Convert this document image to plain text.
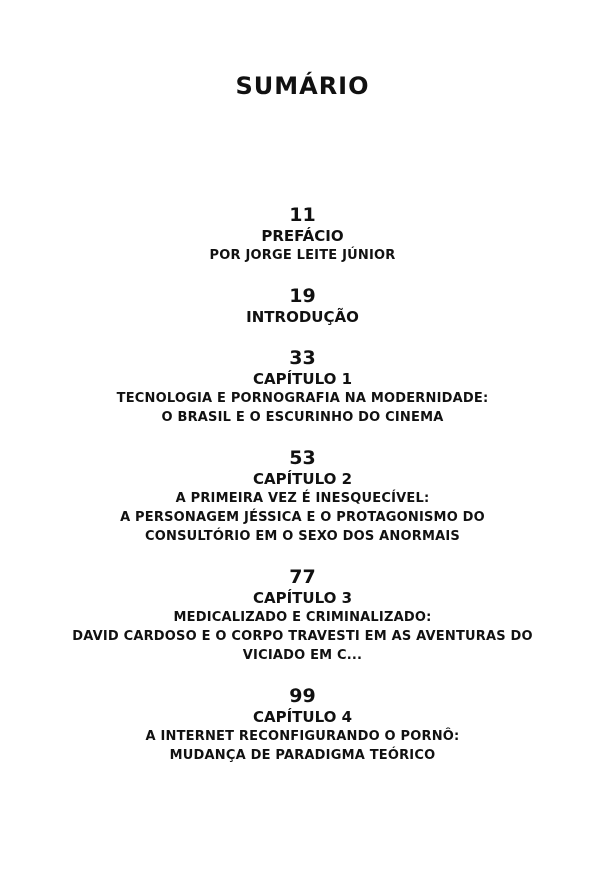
SUMÁRIO
11
PREFÁCIO
POR JORGE LEITE JÚNIOR
19
INTRODUÇÃO
33
CAPÍTULO 1
TECNOLOGIA E PORNOGRAFIA NA MODERNIDADE:
O BRASIL E O ESCURINHO DO CINEMA
53
CAPÍTULO 2
A PRIMEIRA VEZ É INESQUECÍVEL:
A PERSONAGEM JÉSSICA E O PROTAGONISMO DO
CONSULTÓRIO EM O SEXO DOS ANORMAIS
77
CAPÍTULO 3
MEDICALIZADO E CRIMINALIZADO:
DAVID CARDOSO E O CORPO TRAVESTI EM AS AVENTURAS DO
VICIADO EM C...
99
CAPÍTULO 4
A INTERNET RECONFIGURANDO O PORNÔ:
MUDANÇA DE PARADIGMA TEÓRICO
